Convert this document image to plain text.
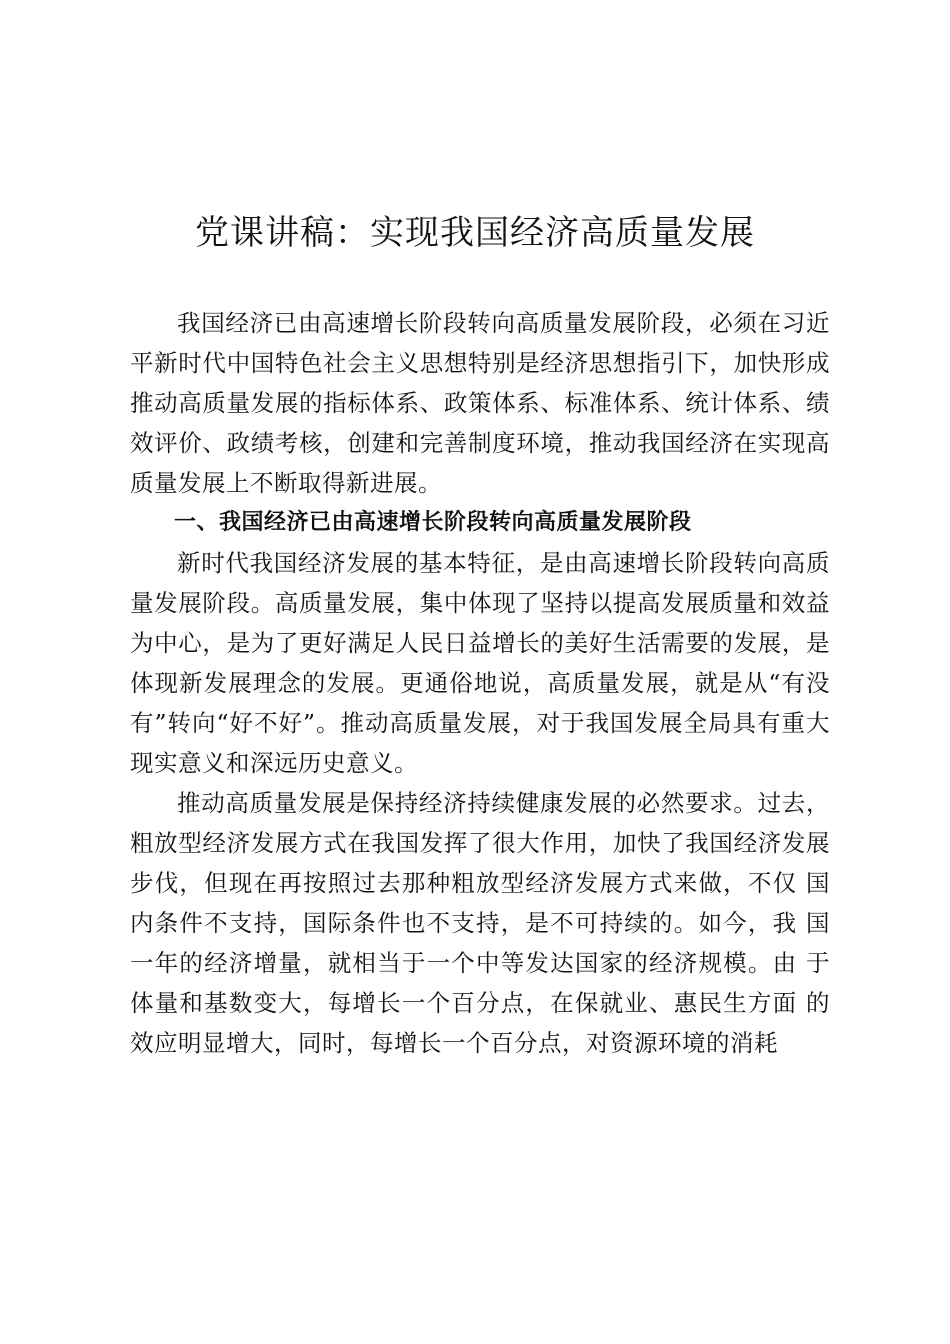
党课讲稿：实现我国经济高质量发展

我国经济已由高速增长阶段转向高质量发展阶段，必须在习近平新时代中国特色社会主义思想特别是经济思想指引下，加快形成推动高质量发展的指标体系、政策体系、标准体系、统计体系、绩效评价、政绩考核，创建和完善制度环境，推动我国经济在实现高质量发展上不断取得新进展。

一、我国经济已由高速增长阶段转向高质量发展阶段

新时代我国经济发展的基本特征，是由高速增长阶段转向高质量发展阶段。高质量发展，集中体现了坚持以提高发展质量和效益为中心，是为了更好满足人民日益增长的美好生活需要的发展，是体现新发展理念的发展。更通俗地说，高质量发展，就是从“有没有”转向“好不好”。推动高质量发展，对于我国发展全局具有重大现实意义和深远历史意义。

推动高质量发展是保持经济持续健康发展的必然要求。过去，粗放型经济发展方式在我国发挥了很大作用，加快了我国经济发展步伐，但现在再按照过去那种粗放型经济发展方式来做，不仅 国内条件不支持，国际条件也不支持，是不可持续的。如今，我 国一年的经济增量，就相当于一个中等发达国家的经济规模。由 于体量和基数变大，每增长一个百分点，在保就业、惠民生方面 的效应明显增大，同时，每增长一个百分点，对资源环境的消耗
